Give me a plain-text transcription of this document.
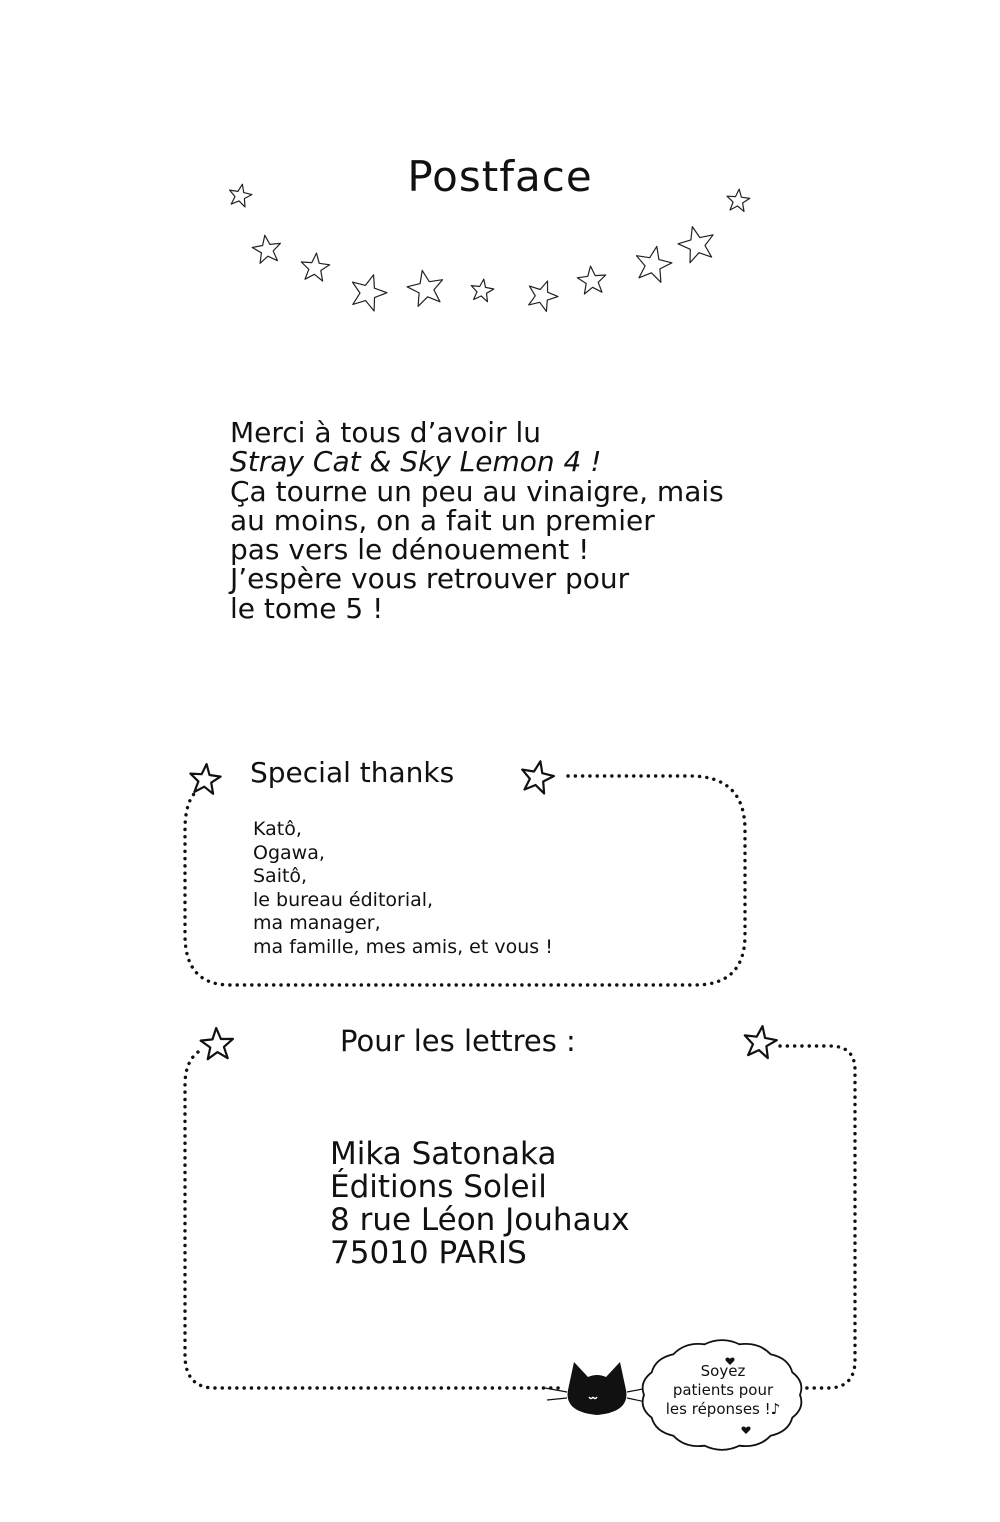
Postface
Merci à tous d’avoir lu
Stray Cat & Sky Lemon 4 !
Ça tourne un peu au vinaigre, mais
au moins, on a fait un premier
pas vers le dénouement !
J’espère vous retrouver pour
le tome 5 !
Special thanks
Katô,
Ogawa,
Saitô,
le bureau éditorial,
ma manager,
ma famille, mes amis, et vous !
Pour les lettres :
Mika Satonaka
Éditions Soleil
8 rue Léon Jouhaux
75010 PARIS
Soyez
patients pour
les réponses !♪
